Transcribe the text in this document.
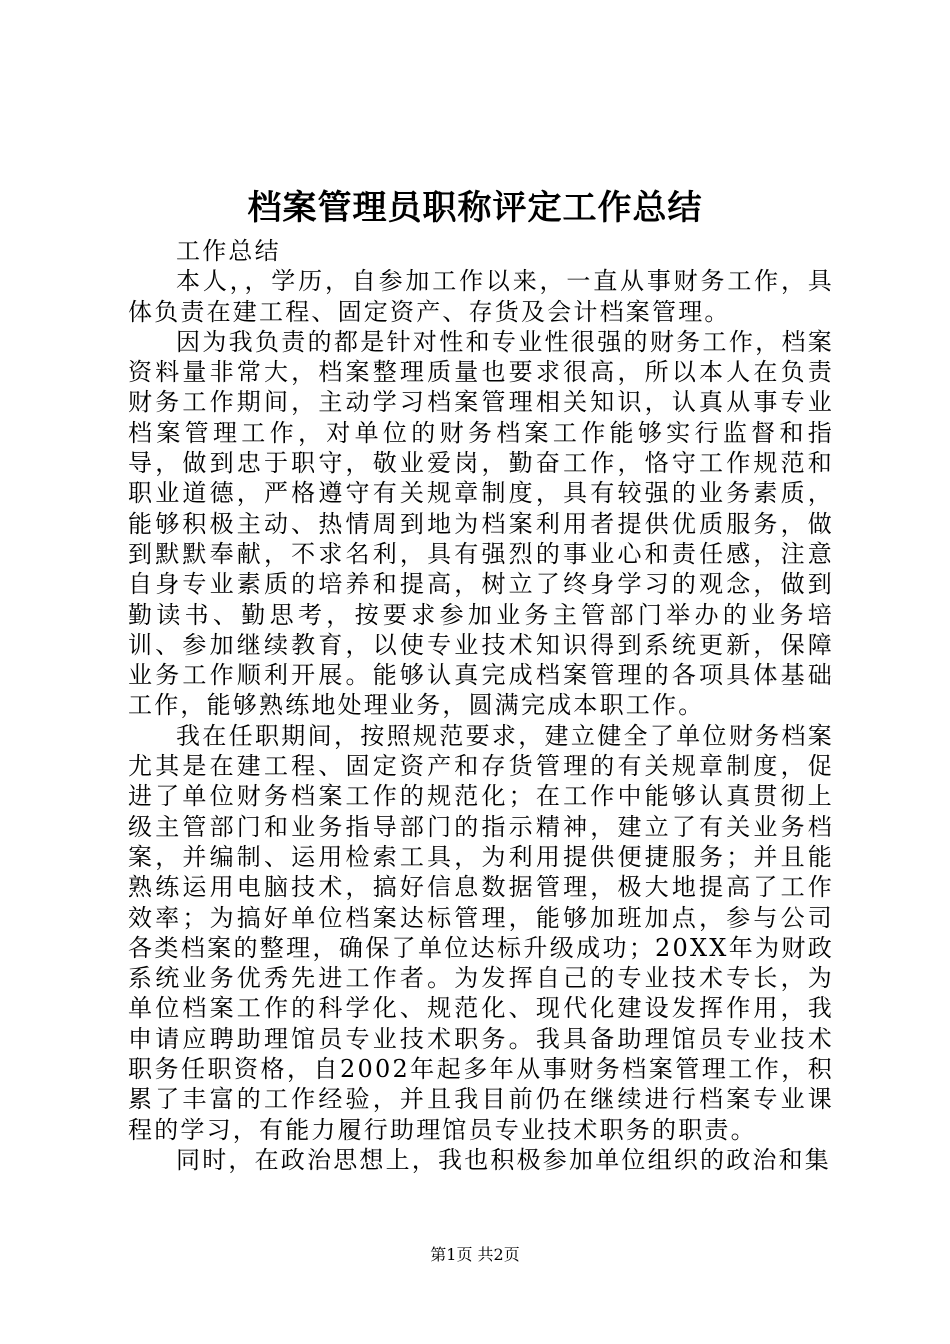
档案管理员职称评定工作总结

工作总结

本人，，学历，自参加工作以来，一直从事财务工作，具体负责在建工程、固定资产、存货及会计档案管理。

因为我负责的都是针对性和专业性很强的财务工作，档案资料量非常大，档案整理质量也要求很高，所以本人在负责财务工作期间，主动学习档案管理相关知识，认真从事专业档案管理工作，对单位的财务档案工作能够实行监督和指导，做到忠于职守，敬业爱岗，勤奋工作，恪守工作规范和职业道德，严格遵守有关规章制度，具有较强的业务素质，能够积极主动、热情周到地为档案利用者提供优质服务，做到默默奉献，不求名利，具有强烈的事业心和责任感，注意自身专业素质的培养和提高，树立了终身学习的观念，做到勤读书、勤思考，按要求参加业务主管部门举办的业务培训、参加继续教育，以使专业技术知识得到系统更新，保障业务工作顺利开展。能够认真完成档案管理的各项具体基础工作，能够熟练地处理业务，圆满完成本职工作。

我在任职期间，按照规范要求，建立健全了单位财务档案尤其是在建工程、固定资产和存货管理的有关规章制度，促进了单位财务档案工作的规范化；在工作中能够认真贯彻上级主管部门和业务指导部门的指示精神，建立了有关业务档案，并编制、运用检索工具，为利用提供便捷服务；并且能熟练运用电脑技术，搞好信息数据管理，极大地提高了工作效率；为搞好单位档案达标管理，能够加班加点，参与公司各类档案的整理，确保了单位达标升级成功；20XX年为财政系统业务优秀先进工作者。为发挥自己的专业技术专长，为单位档案工作的科学化、规范化、现代化建设发挥作用，我申请应聘助理馆员专业技术职务。我具备助理馆员专业技术职务任职资格，自2002年起多年从事财务档案管理工作，积累了丰富的工作经验，并且我目前仍在继续进行档案专业课程的学习，有能力履行助理馆员专业技术职务的职责。

同时，在政治思想上，我也积极参加单位组织的政治和集

第1页 共2页
